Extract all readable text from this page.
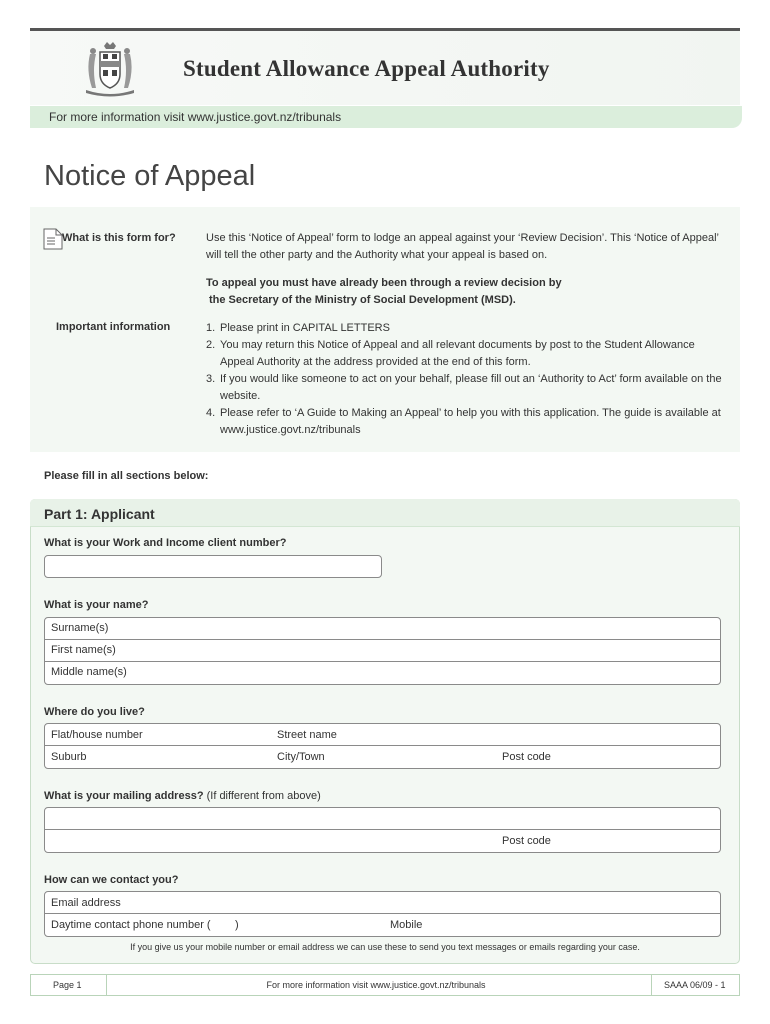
Student Allowance Appeal Authority
For more information visit www.justice.govt.nz/tribunals
Notice of Appeal
What is this form for?	Use this ‘Notice of Appeal’ form to lodge an appeal against your ‘Review Decision’. This ‘Notice of Appeal’ will tell the other party and the Authority what your appeal is based on.
To appeal you must have already been through a review decision by
the Secretary of the Ministry of Social Development (MSD).
Important information	1. Please print in CAPITAL LETTERS
2. You may return this Notice of Appeal and all relevant documents by post to the Student Allowance Appeal Authority at the address provided at the end of this form.
3. If you would like someone to act on your behalf, please fill out an ‘Authority to Act’ form available on the website.
4. Please refer to ‘A Guide to Making an Appeal’ to help you with this application. The guide is available at www.justice.govt.nz/tribunals
Please fill in all sections below:
Part 1: Applicant
What is your Work and Income client number?
What is your name?
Surname(s)
First name(s)
Middle name(s)
Where do you live?
Flat/house number	Street name
Suburb	City/Town	Post code
What is your mailing address? (If different from above)
Post code
How can we contact you?
Email address
Daytime contact phone number (        )	Mobile
If you give us your mobile number or email address we can use these to send you text messages or emails regarding your case.
Page 1	For more information visit www.justice.govt.nz/tribunals	SAAA 06/09 - 1
